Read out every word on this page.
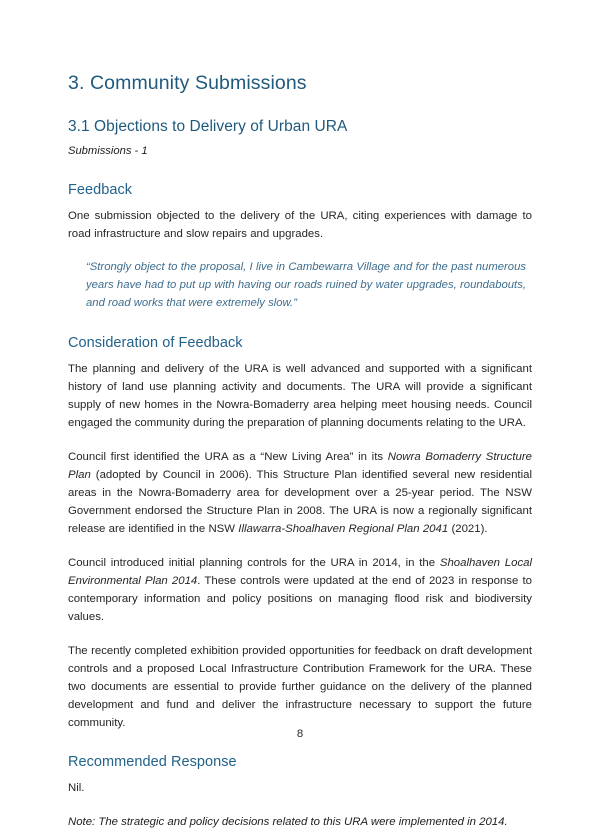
3. Community Submissions
3.1 Objections to Delivery of Urban URA

Submissions - 1

Feedback

One submission objected to the delivery of the URA, citing experiences with damage to road infrastructure and slow repairs and upgrades.

“Strongly object to the proposal, I live in Cambewarra Village and for the past numerous years have had to put up with having our roads ruined by water upgrades, roundabouts, and road works that were extremely slow.”
Consideration of Feedback

The planning and delivery of the URA is well advanced and supported with a significant history of land use planning activity and documents. The URA will provide a significant supply of new homes in the Nowra-Bomaderry area helping meet housing needs. Council engaged the community during the preparation of planning documents relating to the URA.

Council first identified the URA as a “New Living Area” in its Nowra Bomaderry Structure Plan (adopted by Council in 2006). This Structure Plan identified several new residential areas in the Nowra-Bomaderry area for development over a 25-year period. The NSW Government endorsed the Structure Plan in 2008. The URA is now a regionally significant release are identified in the NSW Illawarra-Shoalhaven Regional Plan 2041 (2021).

Council introduced initial planning controls for the URA in 2014, in the Shoalhaven Local Environmental Plan 2014. These controls were updated at the end of 2023 in response to contemporary information and policy positions on managing flood risk and biodiversity values.

The recently completed exhibition provided opportunities for feedback on draft development controls and a proposed Local Infrastructure Contribution Framework for the URA. These two documents are essential to provide further guidance on the delivery of the planned development and fund and deliver the infrastructure necessary to support the future community.

Recommended Response

Nil.

Note: The strategic and policy decisions related to this URA were implemented in 2014.

8
